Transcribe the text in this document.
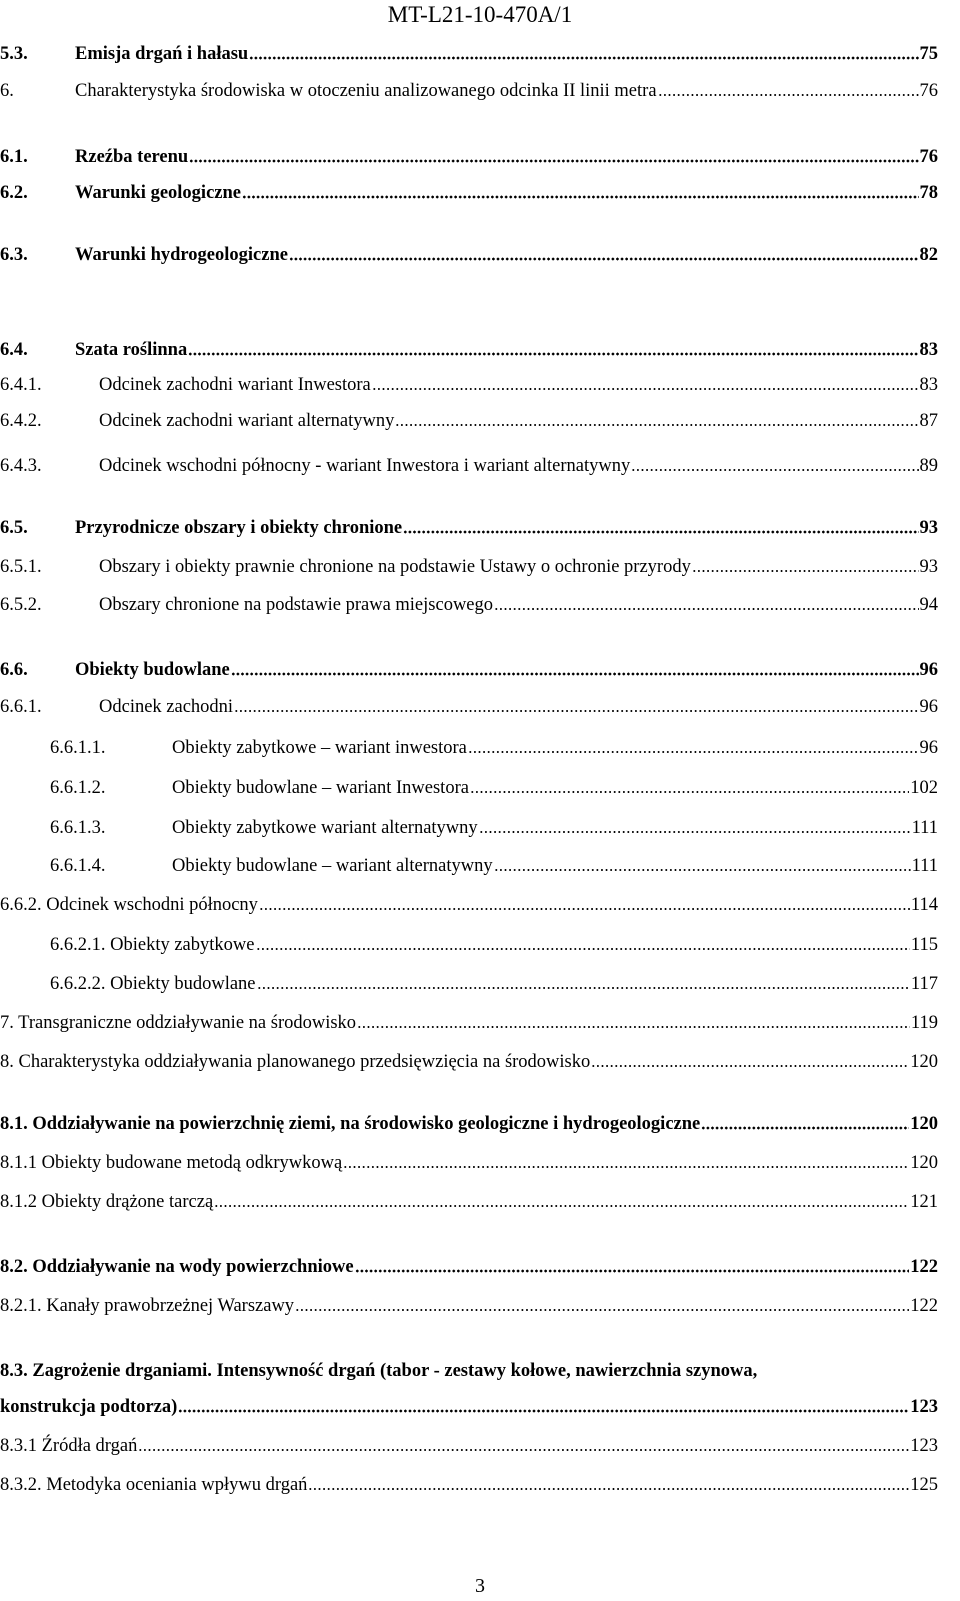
MT-L21-10-470A/1
5.3.	Emisja drgań i hałasu	75
6.	Charakterystyka środowiska w otoczeniu analizowanego odcinka II linii metra	76
6.1.	Rzeźba terenu	76
6.2.	Warunki geologiczne	78
6.3.	Warunki hydrogeologiczne	82
6.4.	Szata roślinna	83
6.4.1.	Odcinek zachodni wariant Inwestora	83
6.4.2.	Odcinek zachodni wariant alternatywny	87
6.4.3.	Odcinek wschodni północny - wariant Inwestora i wariant alternatywny	89
6.5.	Przyrodnicze obszary i obiekty chronione	93
6.5.1.	Obszary i obiekty prawnie chronione na podstawie Ustawy o ochronie przyrody	93
6.5.2.	Obszary chronione na podstawie prawa miejscowego	94
6.6.	Obiekty budowlane	96
6.6.1.	Odcinek zachodni	96
6.6.1.1.	Obiekty zabytkowe – wariant inwestora	96
6.6.1.2.	Obiekty budowlane – wariant Inwestora	102
6.6.1.3.	Obiekty zabytkowe wariant alternatywny	111
6.6.1.4.	Obiekty budowlane – wariant alternatywny	111
6.6.2. Odcinek wschodni północny	114
6.6.2.1. Obiekty zabytkowe	115
6.6.2.2. Obiekty budowlane	117
7. Transgraniczne oddziaływanie na środowisko	119
8. Charakterystyka oddziaływania planowanego przedsięwzięcia na środowisko	120
8.1. Oddziaływanie na powierzchnię ziemi, na środowisko geologiczne i hydrogeologiczne	120
8.1.1 Obiekty budowane metodą odkrywkową	120
8.1.2 Obiekty drążone tarczą	121
8.2. Oddziaływanie na wody powierzchniowe	122
8.2.1. Kanały prawobrzeżnej Warszawy	122
8.3. Zagrożenie drganiami. Intensywność drgań (tabor - zestawy kołowe, nawierzchnia szynowa,
konstrukcja podtorza)	123
8.3.1 Źródła drgań	123
8.3.2. Metodyka oceniania wpływu drgań	125
3
